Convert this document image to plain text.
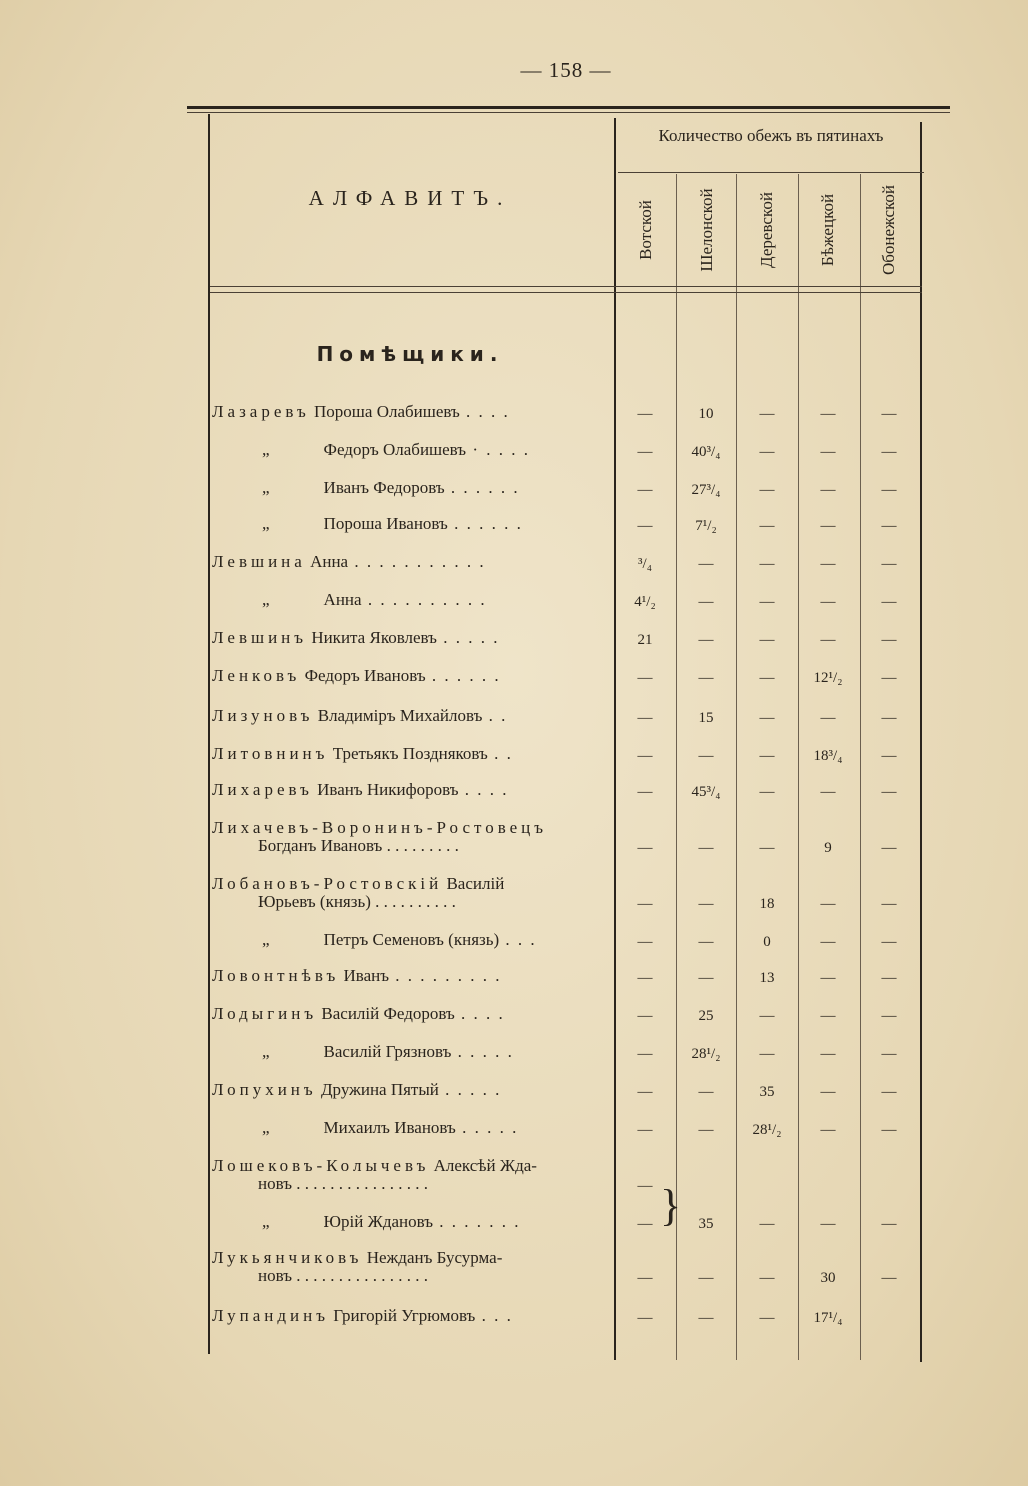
— 158 —
АЛФАВИТЪ.
Количество обежъ въ пятинахъ
Вотской Шелонской Деревской Бѣжецкой Обонежской
Помѣщики.
Лазаревъ Пороша Олабишевъ . . . .	—	10	—	—	—
„	Федоръ Олабишевъ · . . . .	—	40³/₄	—	—	—
„	Иванъ Федоровъ . . . . . .	—	27³/₄	—	—	—
„	Пороша Ивановъ . . . . . .	—	7¹/₂	—	—	—
Левшина Анна . . . . . . . . . . .	³/₄	—	—	—	—
„	Анна . . . . . . . . . .	4¹/₂	—	—	—	—
Левшинъ Никита Яковлевъ . . . . .	21	—	—	—	—
Ленковъ Федоръ Ивановъ . . . . . .	—	—	—	12¹/₂	—
Лизуновъ Владиміръ Михайловъ . .	—	15	—	—	—
Литовнинъ Третьякъ Поздняковъ . .	—	—	—	18³/₄	—
Лихаревъ Иванъ Никифоровъ . . . .	—	45³/₄	—	—	—
Лихачевъ-Воронинъ-Ростовецъ
Богданъ Ивановъ . . . . . . . . .	—	—	—	9	—
Лобановъ-Ростовскій Василій
Юрьевъ (князь) . . . . . . . . . .	—	—	18	—	—
„	Петръ Семеновъ (князь) . . .	—	—	0	—	—
Ловонтнѣвъ Иванъ . . . . . . . . .	—	—	13	—	—
Лодыгинъ Василій Федоровъ . . . .	—	25	—	—	—
„	Василій Грязновъ . . . . .	—	28¹/₂	—	—	—
Лопухинъ Дружина Пятый . . . . .	—	—	35	—	—
„	Михаилъ Ивановъ . . . . .	—	—	28¹/₂	—	—
Лошековъ-Колычевъ Алексѣй Жда-
новъ . . . . . . . . . . . . . . . .	—
„	Юрій Ждановъ . . . . . . .	—	35	—	—	—
Лукьянчиковъ Нежданъ Бусурма-
новъ . . . . . . . . . . . . . . . .	—	—	—	30	—
Лупандинъ Григорій Угрюмовъ . . .	—	—	—	17¹/₄
}
